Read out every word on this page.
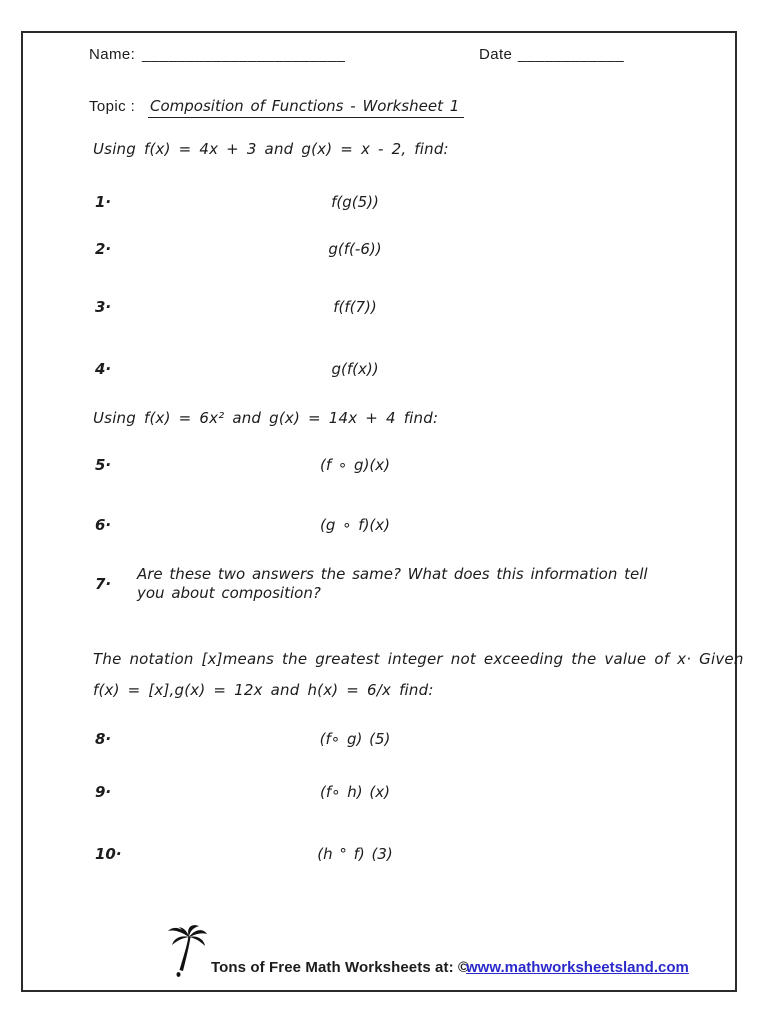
Name: _______________________	Date ____________
Topic : Composition of Functions - Worksheet 1
Using f(x) = 4x + 3 and g(x) = x - 2, find:
1·	f(g(5))
2·	g(f(-6))
3·	f(f(7))
4·	g(f(x))
Using f(x) = 6x² and g(x) = 14x + 4 find:
5·	(f ∘ g)(x)
6·	(g ∘ f)(x)
7·
Are these two answers the same? What does this information tell you about composition?
The notation [x]means the greatest integer not exceeding the value of x· Given
f(x) = [x],g(x) = 12x and h(x) = 6/x find:
8·	(f∘ g) (5)
9·	(f∘ h) (x)
10·	(h ° f) (3)
Tons of Free Math Worksheets at: ©
www.mathworksheetsland.com
